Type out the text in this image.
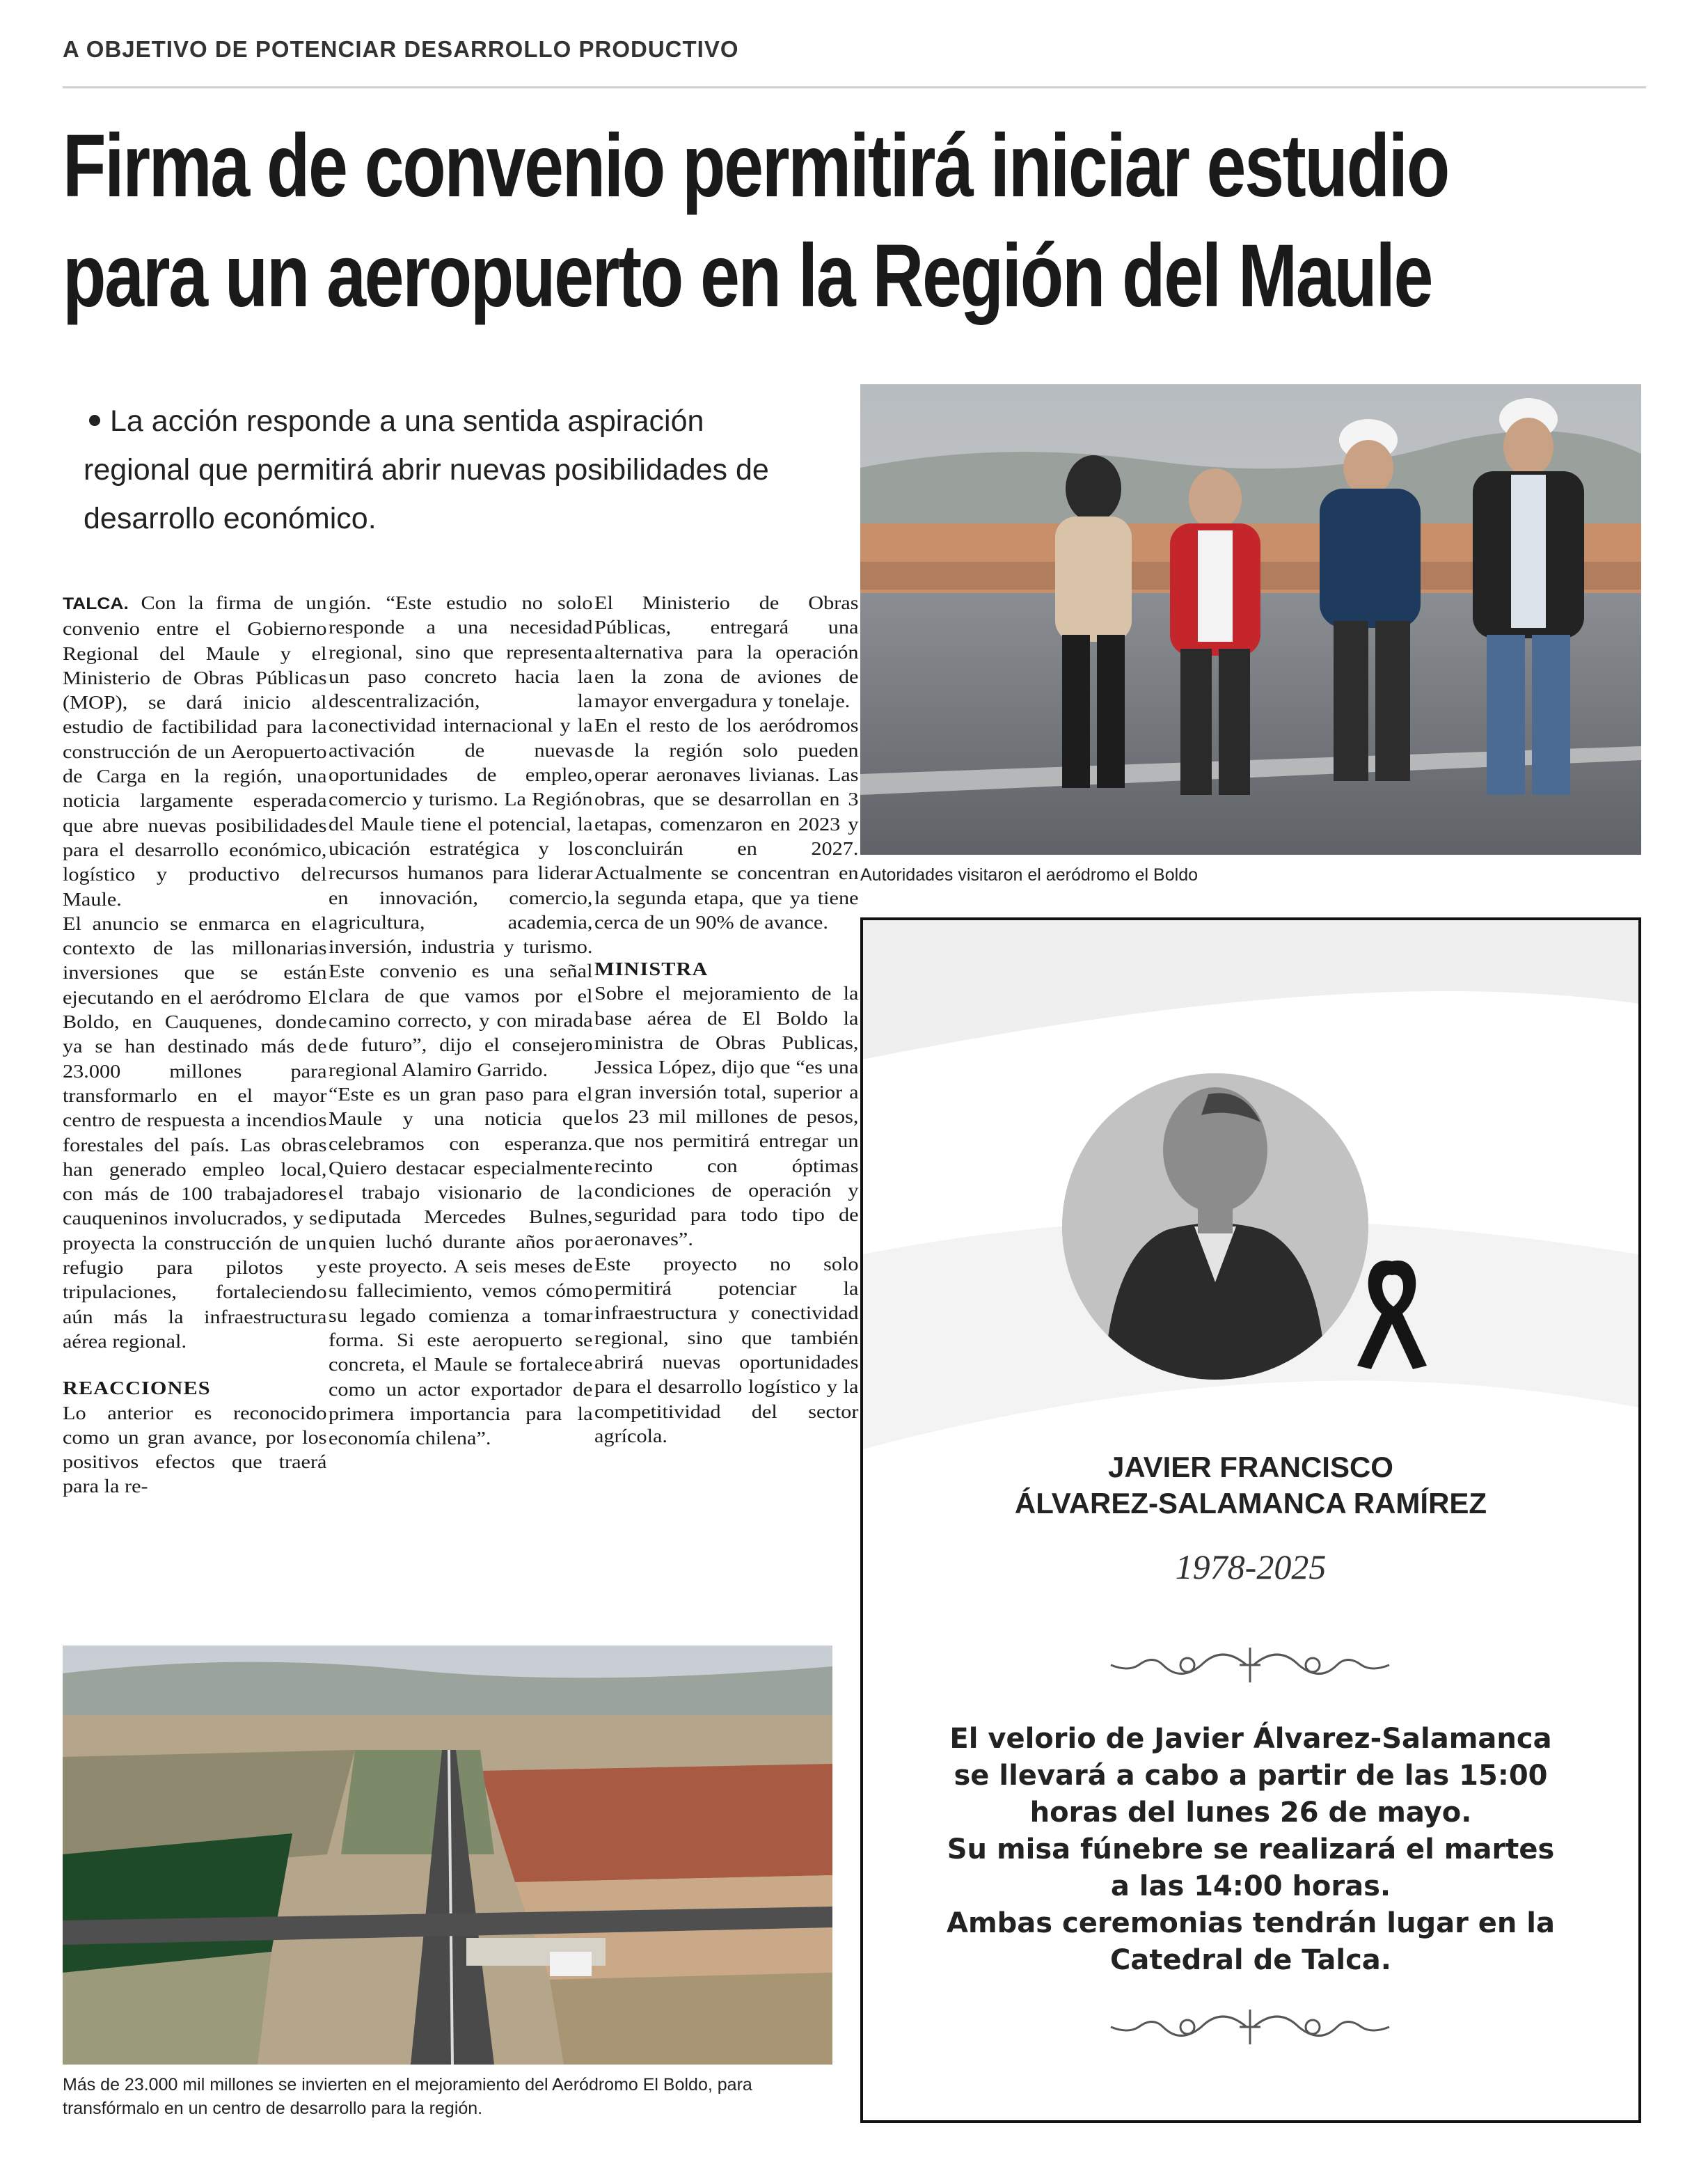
A OBJETIVO DE POTENCIAR DESARROLLO PRODUCTIVO
Firma de convenio permitirá iniciar estudio
para un aeropuerto en la Región del Maule
La acción responde a una sentida aspiración regional que permitirá abrir nuevas posibilidades de desarrollo económico.

TALCA. Con la firma de un convenio entre el Gobierno Regional del Maule y el Ministerio de Obras Públicas (MOP), se dará inicio al estudio de factibilidad para la construcción de un Aeropuerto de Carga en la región, una noticia largamente esperada que abre nuevas posibilidades para el desarrollo económico, logístico y productivo del Maule.

El anuncio se enmarca en el contexto de las millonarias inversiones que se están ejecutando en el aeródromo El Boldo, en Cauquenes, donde ya se han destinado más de 23.000 millones para transformarlo en el mayor centro de respuesta a incendios forestales del país. Las obras han generado empleo local, con más de 100 trabajadores cauqueninos involucrados, y se proyecta la construcción de un refugio para pilotos y tripulaciones, fortaleciendo aún más la infraestructura aérea regional.

REACCIONES

Lo anterior es reconocido como un gran avance, por los positivos efectos que traerá para la re-

gión. “Este estudio no solo responde a una necesidad regional, sino que representa un paso concreto hacia la descentralización, la conectividad internacional y la activación de nuevas oportunidades de empleo, comercio y turismo. La Región del Maule tiene el potencial, la ubicación estratégica y los recursos humanos para liderar en innovación, comercio, agricultura, academia, inversión, industria y turismo. Este convenio es una señal clara de que vamos por el camino correcto, y con mirada de futuro”, dijo el consejero regional Alamiro Garrido.

“Este es un gran paso para el Maule y una noticia que celebramos con esperanza. Quiero destacar especialmente el trabajo visionario de la diputada Mercedes Bulnes, quien luchó durante años por este proyecto. A seis meses de su fallecimiento, vemos cómo su legado comienza a tomar forma. Si este aeropuerto se concreta, el Maule se fortalece como un actor exportador de primera importancia para la economía chilena”.

El Ministerio de Obras Públicas, entregará una alternativa para la operación en la zona de aviones de mayor envergadura y tonelaje.

En el resto de los aeródromos de la región solo pueden operar aeronaves livianas. Las obras, que se desarrollan en 3 etapas, comenzaron en 2023 y concluirán en 2027. Actualmente se concentran en la segunda etapa, que ya tiene cerca de un 90% de avance.

MINISTRA

Sobre el mejoramiento de la base aérea de El Boldo la ministra de Obras Publicas, Jessica López, dijo que “es una gran inversión total, superior a los 23 mil millones de pesos, que nos permitirá entregar un recinto con óptimas condiciones de operación y seguridad para todo tipo de aeronaves”.

Este proyecto no solo permitirá potenciar la infraestructura y conectividad regional, sino que también abrirá nuevas oportunidades para el desarrollo logístico y la competitividad del sector agrícola.

Autoridades visitaron el aeródromo el Boldo
Más de 23.000 mil millones se invierten en el mejoramiento del Aeródromo El Boldo, para transfórmalo en un centro de desarrollo para la región.
JAVIER FRANCISCO
ÁLVAREZ-SALAMANCA RAMÍREZ
1978-2025
El velorio de Javier Álvarez-Salamanca
se llevará a cabo a partir de las 15:00
horas del lunes 26 de mayo.
Su misa fúnebre se realizará el martes
a las 14:00 horas.
Ambas ceremonias tendrán lugar en la
Catedral de Talca.
